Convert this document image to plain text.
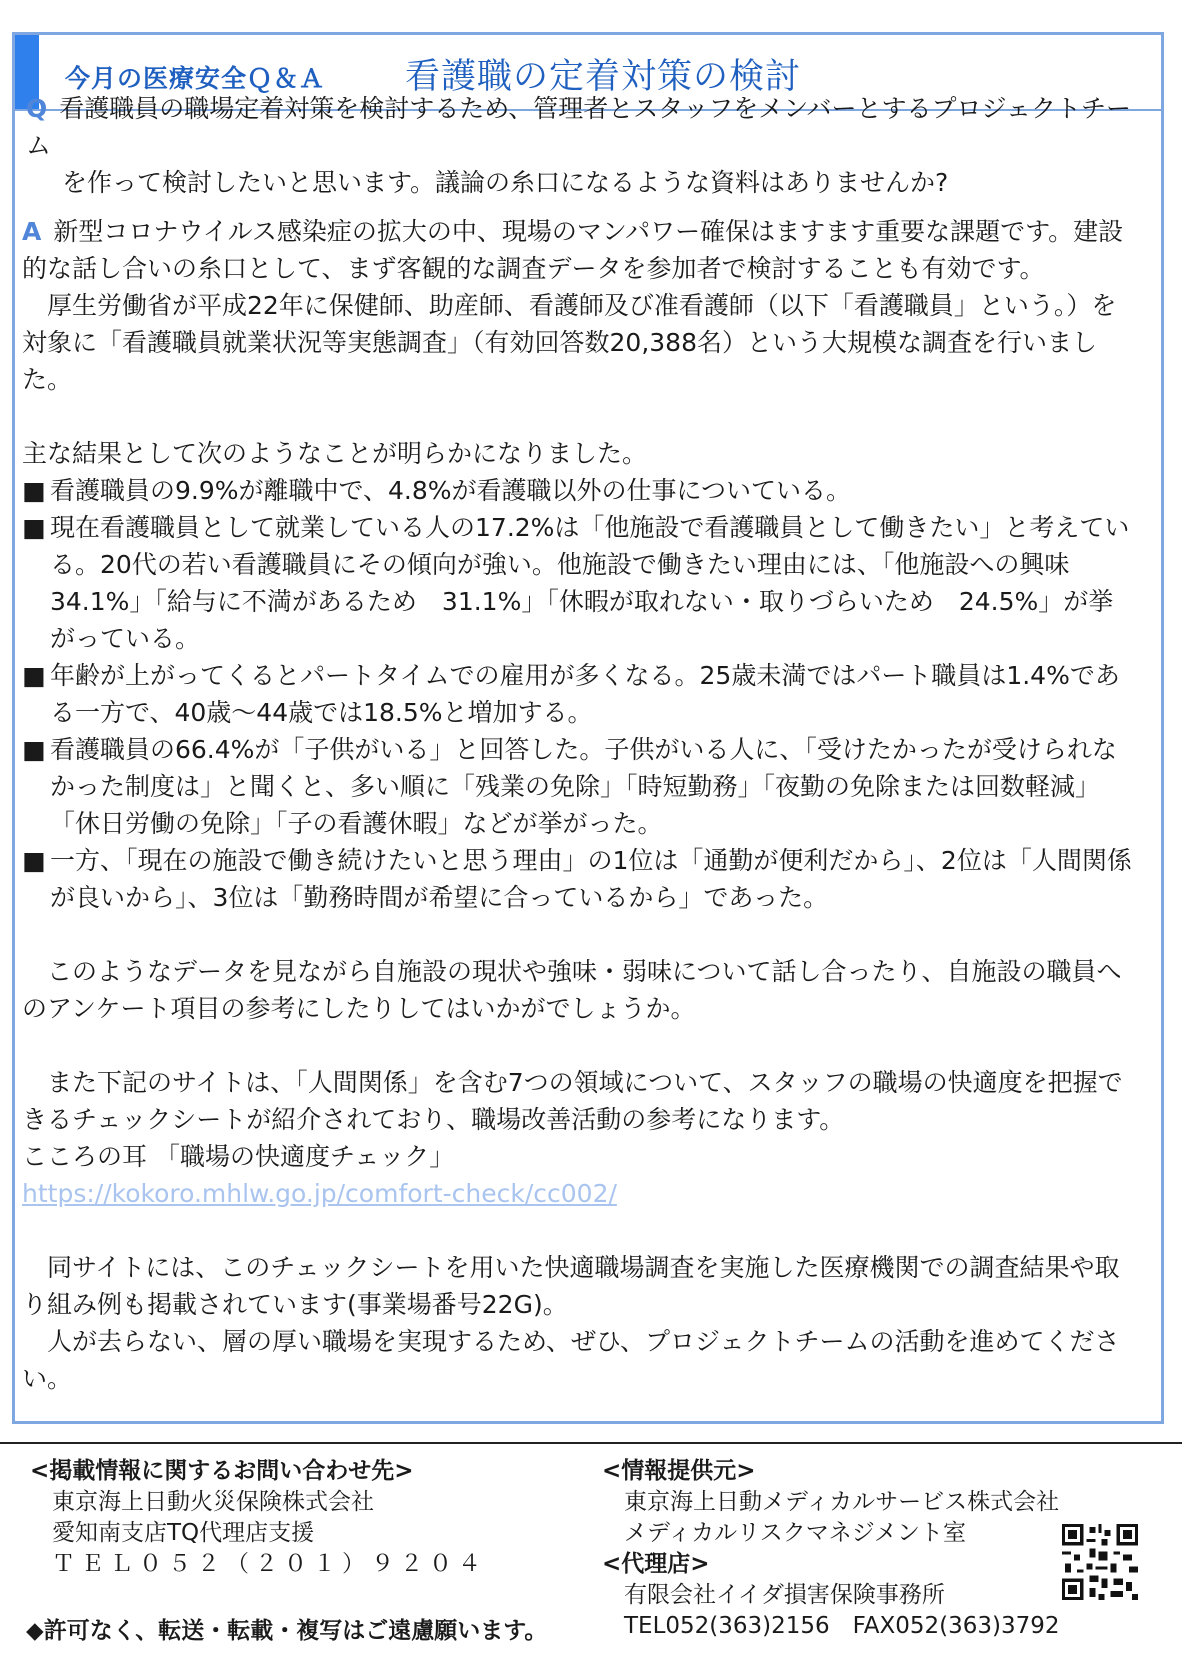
今月の医療安全Ｑ＆Ａ 看護職の定着対策の検討

Q 看護職員の職場定着対策を検討するため、管理者とスタッフをメンバーとするプロジェクトチーム

を作って検討したいと思います。議論の糸口になるような資料はありませんか?

A 新型コロナウイルス感染症の拡大の中、現場のマンパワー確保はますます重要な課題です。建設的な話し合いの糸口として、まず客観的な調査データを参加者で検討することも有効です。

厚生労働省が平成22年に保健師、助産師、看護師及び准看護師（以下「看護職員」という。）を対象に「看護職員就業状況等実態調査」（有効回答数20,388名）という大規模な調査を行いました。

主な結果として次のようなことが明らかになりました。

■ 看護職員の9.9%が離職中で、4.8%が看護職以外の仕事についている。

■ 現在看護職員として就業している人の17.2%は「他施設で看護職員として働きたい」と考えている。20代の若い看護職員にその傾向が強い。他施設で働きたい理由には、「他施設への興味　34.1%」「給与に不満があるため　31.1%」「休暇が取れない・取りづらいため　24.5%」が挙がっている。

■ 年齢が上がってくるとパートタイムでの雇用が多くなる。25歳未満ではパート職員は1.4%である一方で、40歳～44歳では18.5%と増加する。

■ 看護職員の66.4%が「子供がいる」と回答した。子供がいる人に、「受けたかったが受けられなかった制度は」と聞くと、多い順に「残業の免除」「時短勤務」「夜勤の免除または回数軽減」「休日労働の免除」「子の看護休暇」などが挙がった。

■ 一方、「現在の施設で働き続けたいと思う理由」の1位は「通勤が便利だから」、2位は「人間関係が良いから」、3位は「勤務時間が希望に合っているから」であった。

このようなデータを見ながら自施設の現状や強味・弱味について話し合ったり、自施設の職員へのアンケート項目の参考にしたりしてはいかがでしょうか。

また下記のサイトは、「人間関係」を含む7つの領域について、スタッフの職場の快適度を把握できるチェックシートが紹介されており、職場改善活動の参考になります。

こころの耳 「職場の快適度チェック」

https://kokoro.mhlw.go.jp/comfort-check/cc002/

同サイトには、このチェックシートを用いた快適職場調査を実施した医療機関での調査結果や取り組み例も掲載されています(事業場番号22G)。

人が去らない、層の厚い職場を実現するため、ぜひ、プロジェクトチームの活動を進めてください。

<掲載情報に関するお問い合わせ先>
東京海上日動火災保険株式会社
愛知南支店TQ代理店支援
ＴＥＬ０５２（２０１）９２０４
<情報提供元>
東京海上日動メディカルサービス株式会社
メディカルリスクマネジメント室
<代理店>
有限会社イイダ損害保険事務所
TEL052(363)2156　FAX052(363)3792
◆許可なく、転送・転載・複写はご遠慮願います。
